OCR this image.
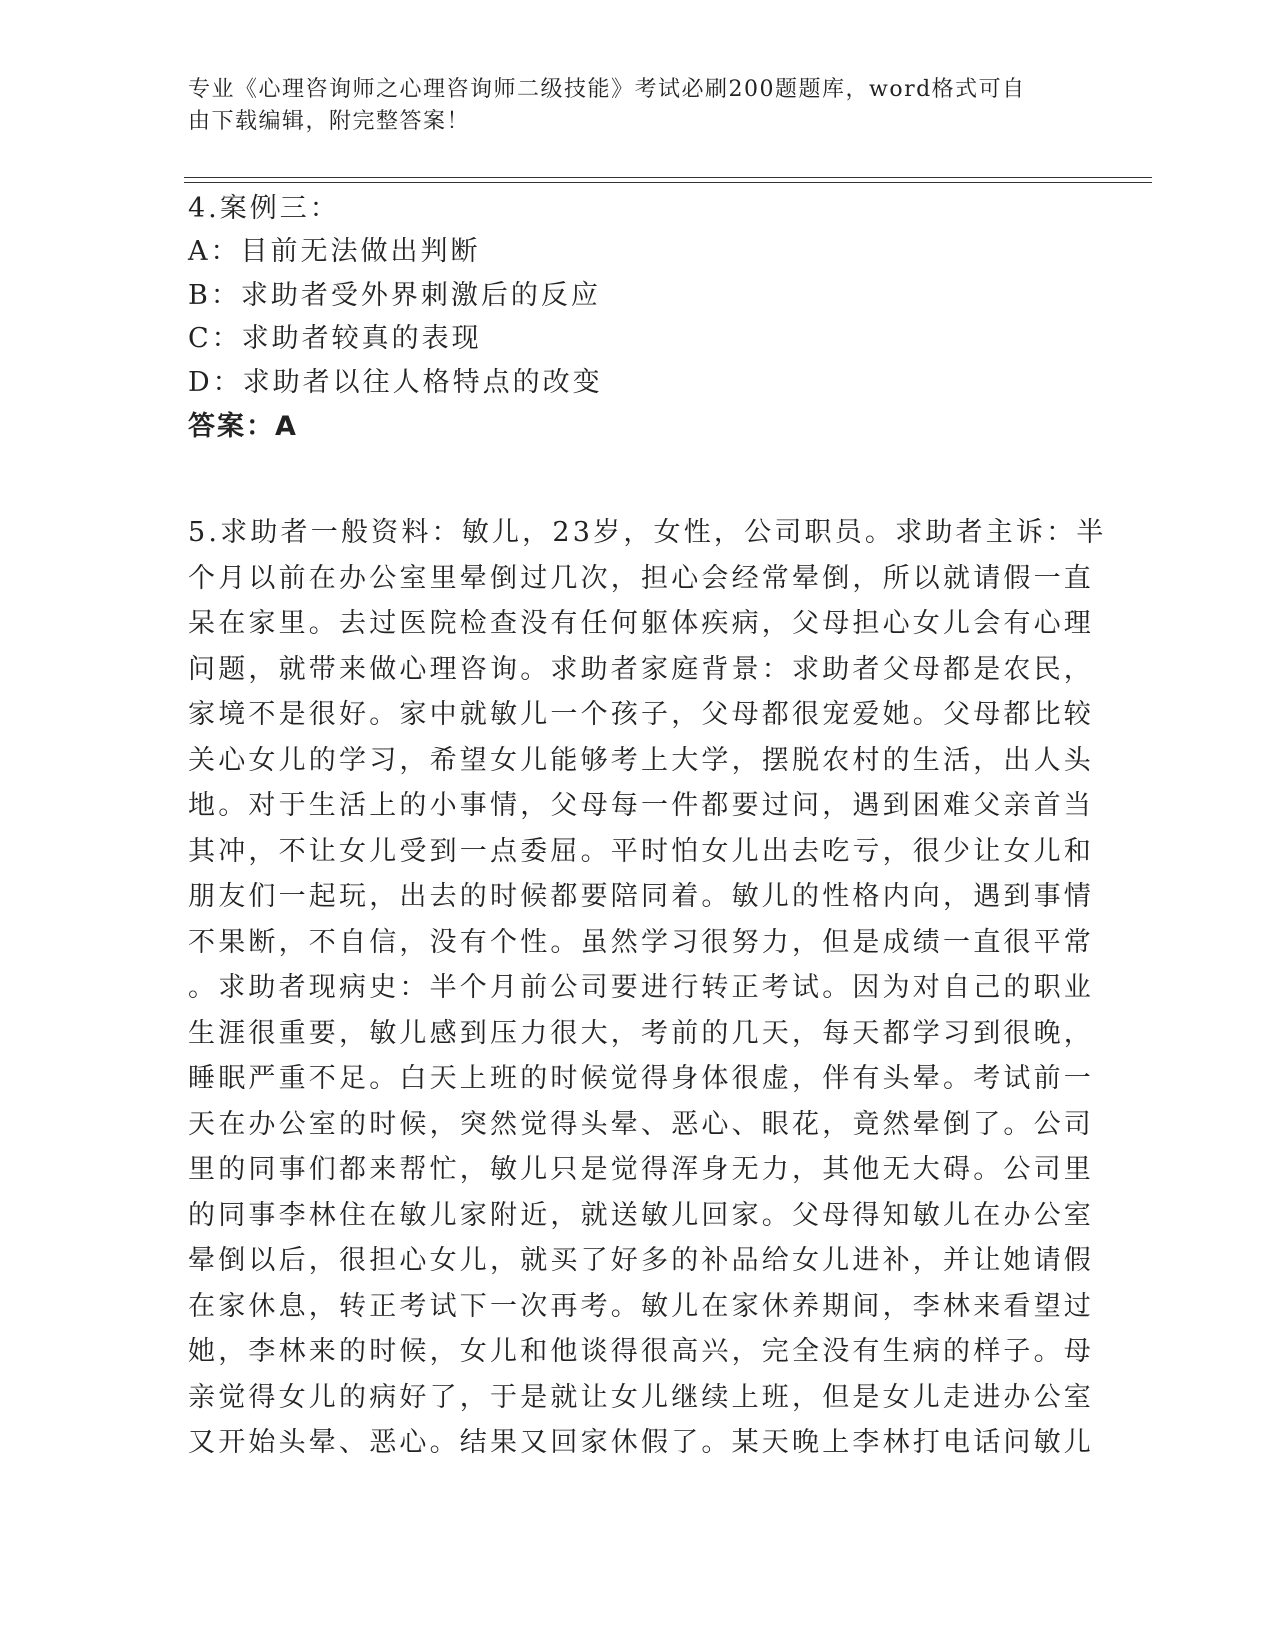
专业《心理咨询师之心理咨询师二级技能》考试必刷200题题库，word格式可自
由下载编辑，附完整答案！
4.案例三：
A：目前无法做出判断
B：求助者受外界刺激后的反应
C：求助者较真的表现
D：求助者以往人格特点的改变
答案：A
5.求助者一般资料：敏儿，23岁，女性，公司职员。求助者主诉：半
个月以前在办公室里晕倒过几次，担心会经常晕倒，所以就请假一直
呆在家里。去过医院检查没有任何躯体疾病，父母担心女儿会有心理
问题，就带来做心理咨询。求助者家庭背景：求助者父母都是农民，
家境不是很好。家中就敏儿一个孩子，父母都很宠爱她。父母都比较
关心女儿的学习，希望女儿能够考上大学，摆脱农村的生活，出人头
地。对于生活上的小事情，父母每一件都要过问，遇到困难父亲首当
其冲，不让女儿受到一点委屈。平时怕女儿出去吃亏，很少让女儿和
朋友们一起玩，出去的时候都要陪同着。敏儿的性格内向，遇到事情
不果断，不自信，没有个性。虽然学习很努力，但是成绩一直很平常
。求助者现病史：半个月前公司要进行转正考试。因为对自己的职业
生涯很重要，敏儿感到压力很大，考前的几天，每天都学习到很晚，
睡眠严重不足。白天上班的时候觉得身体很虚，伴有头晕。考试前一
天在办公室的时候，突然觉得头晕、恶心、眼花，竟然晕倒了。公司
里的同事们都来帮忙，敏儿只是觉得浑身无力，其他无大碍。公司里
的同事李林住在敏儿家附近，就送敏儿回家。父母得知敏儿在办公室
晕倒以后，很担心女儿，就买了好多的补品给女儿进补，并让她请假
在家休息，转正考试下一次再考。敏儿在家休养期间，李林来看望过
她，李林来的时候，女儿和他谈得很高兴，完全没有生病的样子。母
亲觉得女儿的病好了，于是就让女儿继续上班，但是女儿走进办公室
又开始头晕、恶心。结果又回家休假了。某天晚上李林打电话问敏儿
